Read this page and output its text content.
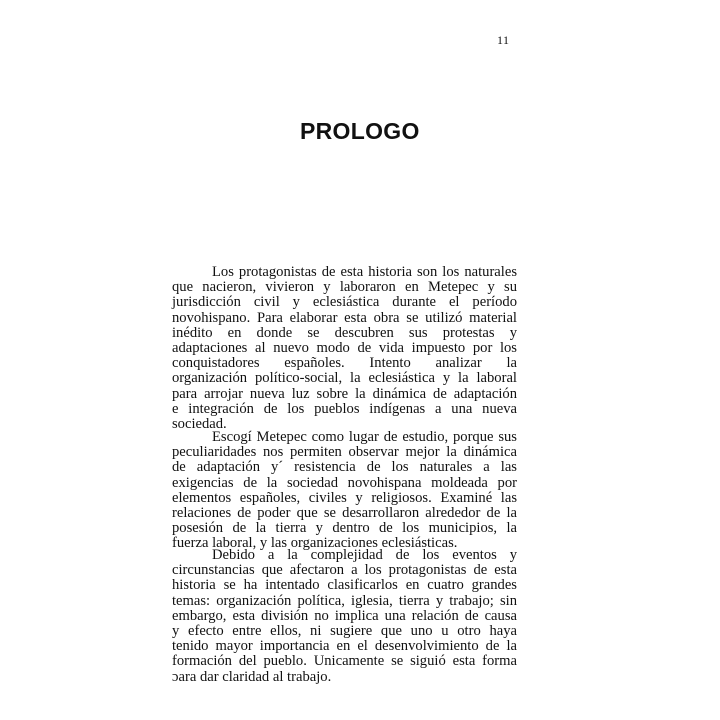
11
PROLOGO
Los protagonistas de esta historia son los naturales
que nacieron, vivieron y laboraron en Metepec y su
jurisdicción civil y eclesiástica durante el período
novohispano. Para elaborar esta obra se utilizó material
inédito en donde se descubren sus protestas y
adaptaciones al nuevo modo de vida impuesto por los
conquistadores españoles. Intento analizar la
organización político-social, la eclesiástica y la laboral
para arrojar nueva luz sobre la dinámica de adaptación
e integración de los pueblos indígenas a una nueva
sociedad.
Escogí Metepec como lugar de estudio, porque sus
peculiaridades nos permiten observar mejor la dinámica
de adaptación y´ resistencia de los naturales a las
exigencias de la sociedad novohispana moldeada por
elementos españoles, civiles y religiosos. Examiné las
relaciones de poder que se desarrollaron alrededor de la
posesión de la tierra y dentro de los municipios, la
fuerza laboral, y las organizaciones eclesiásticas.
Debido a la complejidad de los eventos y
circunstancias que afectaron a los protagonistas de esta
historia se ha intentado clasificarlos en cuatro grandes
temas: organización política, iglesia, tierra y trabajo; sin
embargo, esta división no implica una relación de causa
y efecto entre ellos, ni sugiere que uno u otro haya
tenido mayor importancia en el desenvolvimiento de la
formación del pueblo. Unicamente se siguió esta forma
ɔara dar claridad al trabajo.
